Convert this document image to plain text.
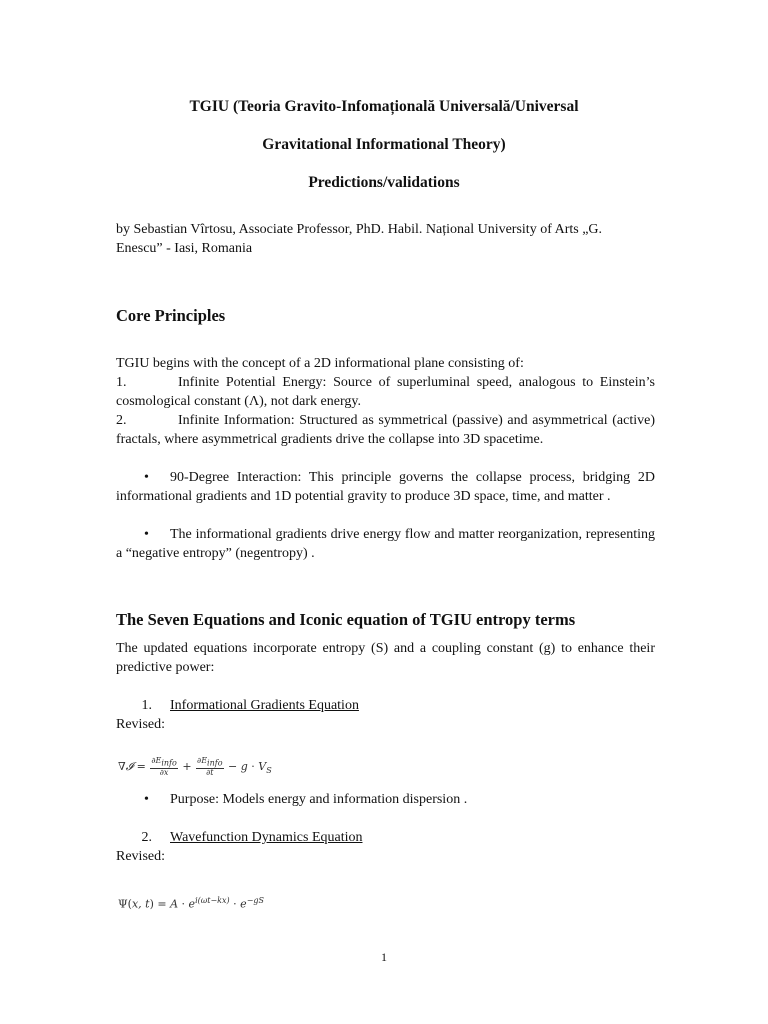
TGIU (Teoria Gravito-Infomațională Universală/Universal
Gravitational Informational Theory)
Predictions/validations
by Sebastian Vîrtosu, Associate Professor, PhD. Habil. Național University of Arts „G.
Enescu” - Iasi, Romania
Core Principles
TGIU begins with the concept of a 2D informational plane consisting of:
1.	Infinite Potential Energy: Source of superluminal speed, analogous to Einstein’s cosmological constant (Λ), not dark energy.
2.	Infinite Information: Structured as symmetrical (passive) and asymmetrical (active) fractals, where asymmetrical gradients drive the collapse into 3D spacetime.
•	90-Degree Interaction: This principle governs the collapse process, bridging 2D informational gradients and 1D potential gravity to produce 3D space, time, and matter .
•	The informational gradients drive energy flow and matter reorganization, representing a “negative entropy” (negentropy) .
The Seven Equations and Iconic equation of TGIU entropy terms
The updated equations incorporate entropy (S) and a coupling constant (g) to enhance their predictive power:
1. Informational Gradients Equation
Revised:
∇𝓘 = $\frac{\partial E_{info}}{\partial x} + \frac{\partial E_{info}}{\partial t} - g \cdot V_S$
•	Purpose: Models energy and information dispersion .
2. Wavefunction Dynamics Equation
Revised:
Ψ(x, $t) = A \cdot e^{i(\omega t-kx)} \cdot e^{-gS}$
1
